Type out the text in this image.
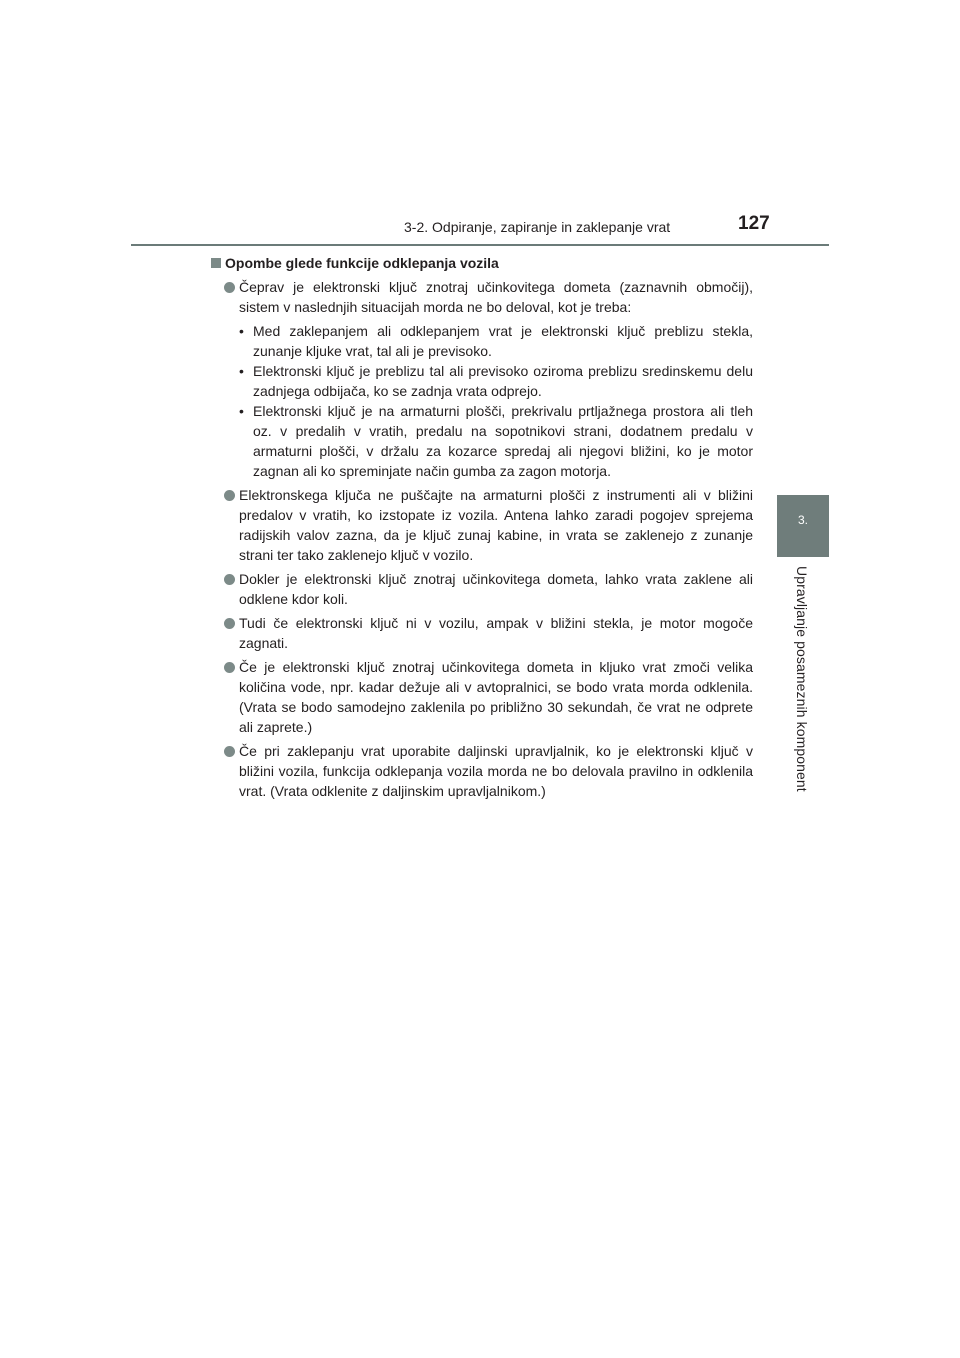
3-2. Odpiranje, zapiranje in zaklepanje vrat	127
3.
Upravljanje posameznih komponent
Opombe glede funkcije odklepanja vozila
Čeprav je elektronski ključ znotraj učinkovitega dometa (zaznavnih območij), sistem v naslednjih situacijah morda ne bo deloval, kot je treba:
• Med zaklepanjem ali odklepanjem vrat je elektronski ključ preblizu stekla, zunanje kljuke vrat, tal ali je previsoko.
• Elektronski ključ je preblizu tal ali previsoko oziroma preblizu sredinskemu delu zadnjega odbijača, ko se zadnja vrata odprejo.
• Elektronski ključ je na armaturni plošči, prekrivalu prtljažnega prostora ali tleh oz. v predalih v vratih, predalu na sopotnikovi strani, dodatnem predalu v armaturni plošči, v držalu za kozarce spredaj ali njegovi bližini, ko je motor zagnan ali ko spreminjate način gumba za zagon motorja.
Elektronskega ključa ne puščajte na armaturni plošči z instrumenti ali v bližini predalov v vratih, ko izstopate iz vozila. Antena lahko zaradi pogojev sprejema radijskih valov zazna, da je ključ zunaj kabine, in vrata se zaklenejo z zunanje strani ter tako zaklenejo ključ v vozilo.
Dokler je elektronski ključ znotraj učinkovitega dometa, lahko vrata zaklene ali odklene kdor koli.
Tudi če elektronski ključ ni v vozilu, ampak v bližini stekla, je motor mogoče zagnati.
Če je elektronski ključ znotraj učinkovitega dometa in kljuko vrat zmoči velika količina vode, npr. kadar dežuje ali v avtopralnici, se bodo vrata morda odklenila. (Vrata se bodo samodejno zaklenila po približno 30 sekundah, če vrat ne odprete ali zaprete.)
Če pri zaklepanju vrat uporabite daljinski upravljalnik, ko je elektronski ključ v bližini vozila, funkcija odklepanja vozila morda ne bo delovala pravilno in odklenila vrat. (Vrata odklenite z daljinskim upravljalnikom.)
